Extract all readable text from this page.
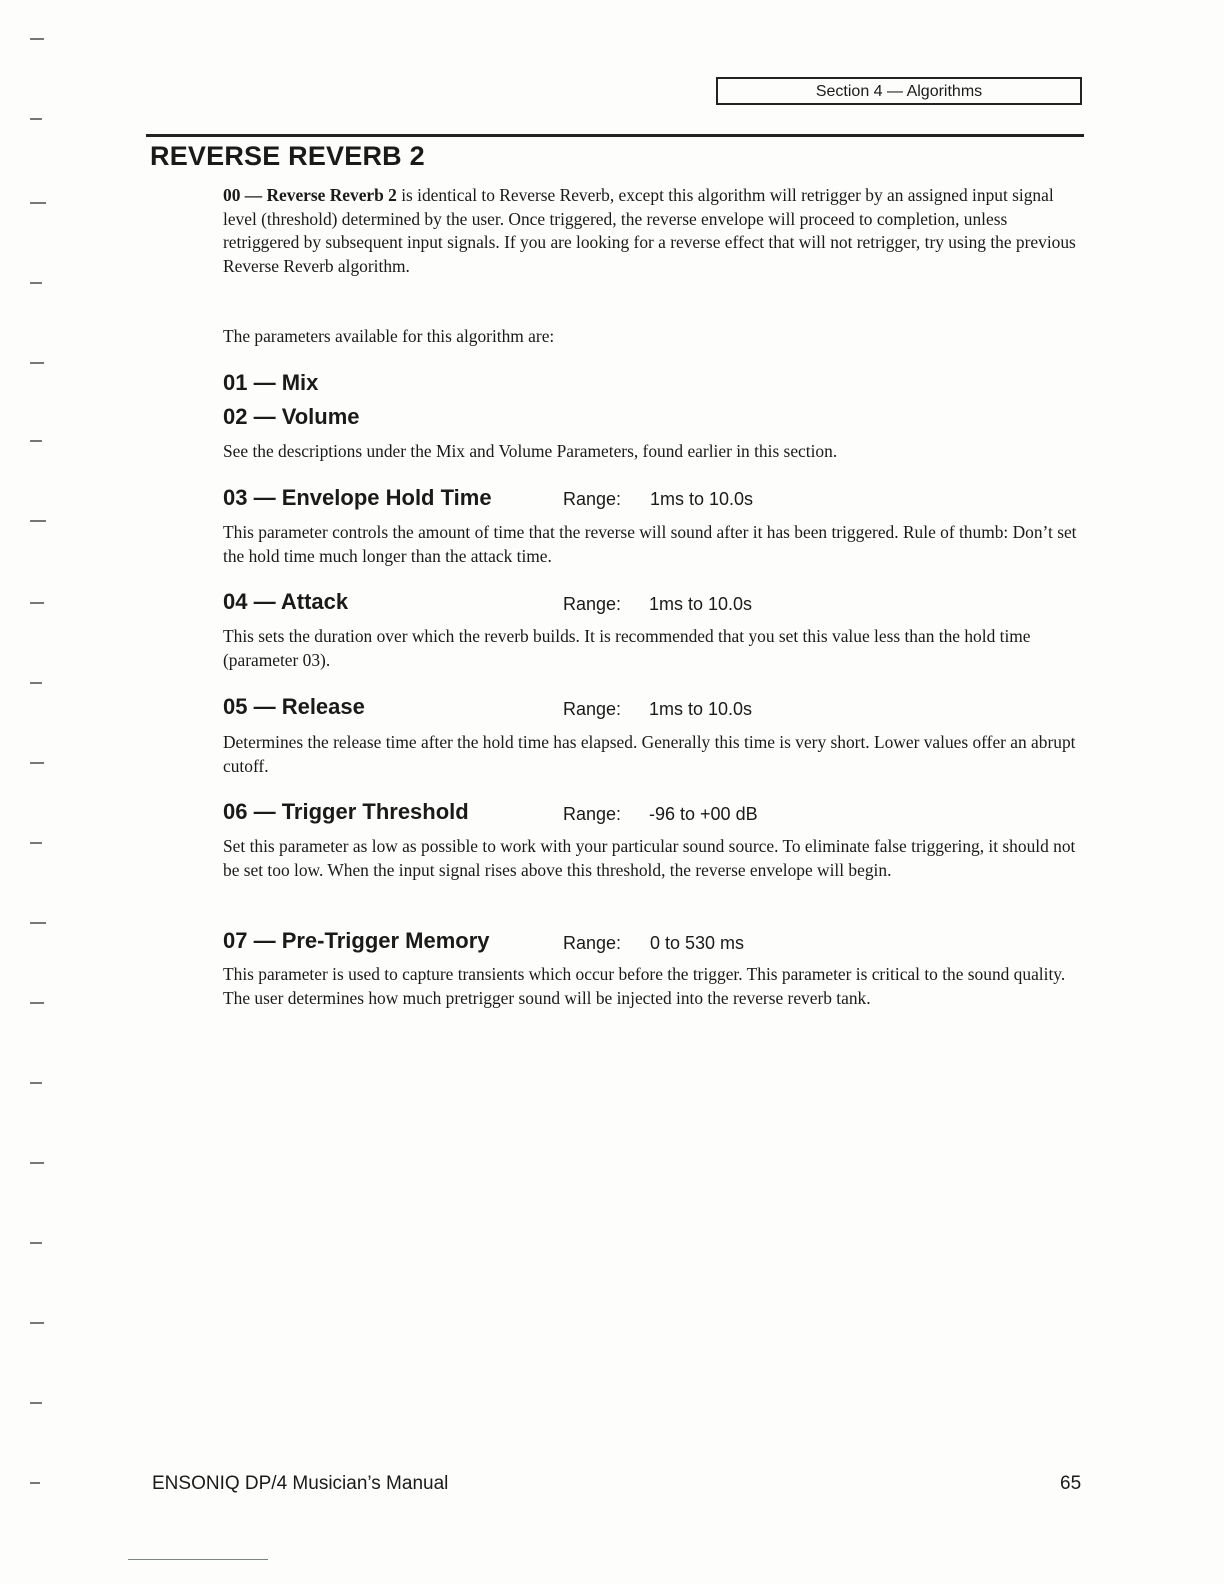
Section 4 — Algorithms
REVERSE REVERB 2

00 — Reverse Reverb 2 is identical to Reverse Reverb, except this algorithm will retrigger by an assigned input signal level (threshold) determined by the user. Once triggered, the reverse envelope will proceed to completion, unless retriggered by subsequent input signals. If you are looking for a reverse effect that will not retrigger, try using the previous Reverse Reverb algorithm.

The parameters available for this algorithm are:

01 — Mix
02 — Volume

See the descriptions under the Mix and Volume Parameters, found earlier in this section.

03 — Envelope Hold Time	Range: 1ms to 10.0s

This parameter controls the amount of time that the reverse will sound after it has been triggered. Rule of thumb: Don’t set the hold time much longer than the attack time.

04 — Attack	Range: 1ms to 10.0s

This sets the duration over which the reverb builds. It is recommended that you set this value less than the hold time (parameter 03).

05 — Release	Range: 1ms to 10.0s

Determines the release time after the hold time has elapsed. Generally this time is very short. Lower values offer an abrupt cutoff.

06 — Trigger Threshold	Range: -96 to +00 dB

Set this parameter as low as possible to work with your particular sound source. To eliminate false triggering, it should not be set too low. When the input signal rises above this threshold, the reverse envelope will begin.

07 — Pre-Trigger Memory	Range: 0 to 530 ms

This parameter is used to capture transients which occur before the trigger. This parameter is critical to the sound quality. The user determines how much pretrigger sound will be injected into the reverse reverb tank.

ENSONIQ DP/4 Musician’s Manual	65
